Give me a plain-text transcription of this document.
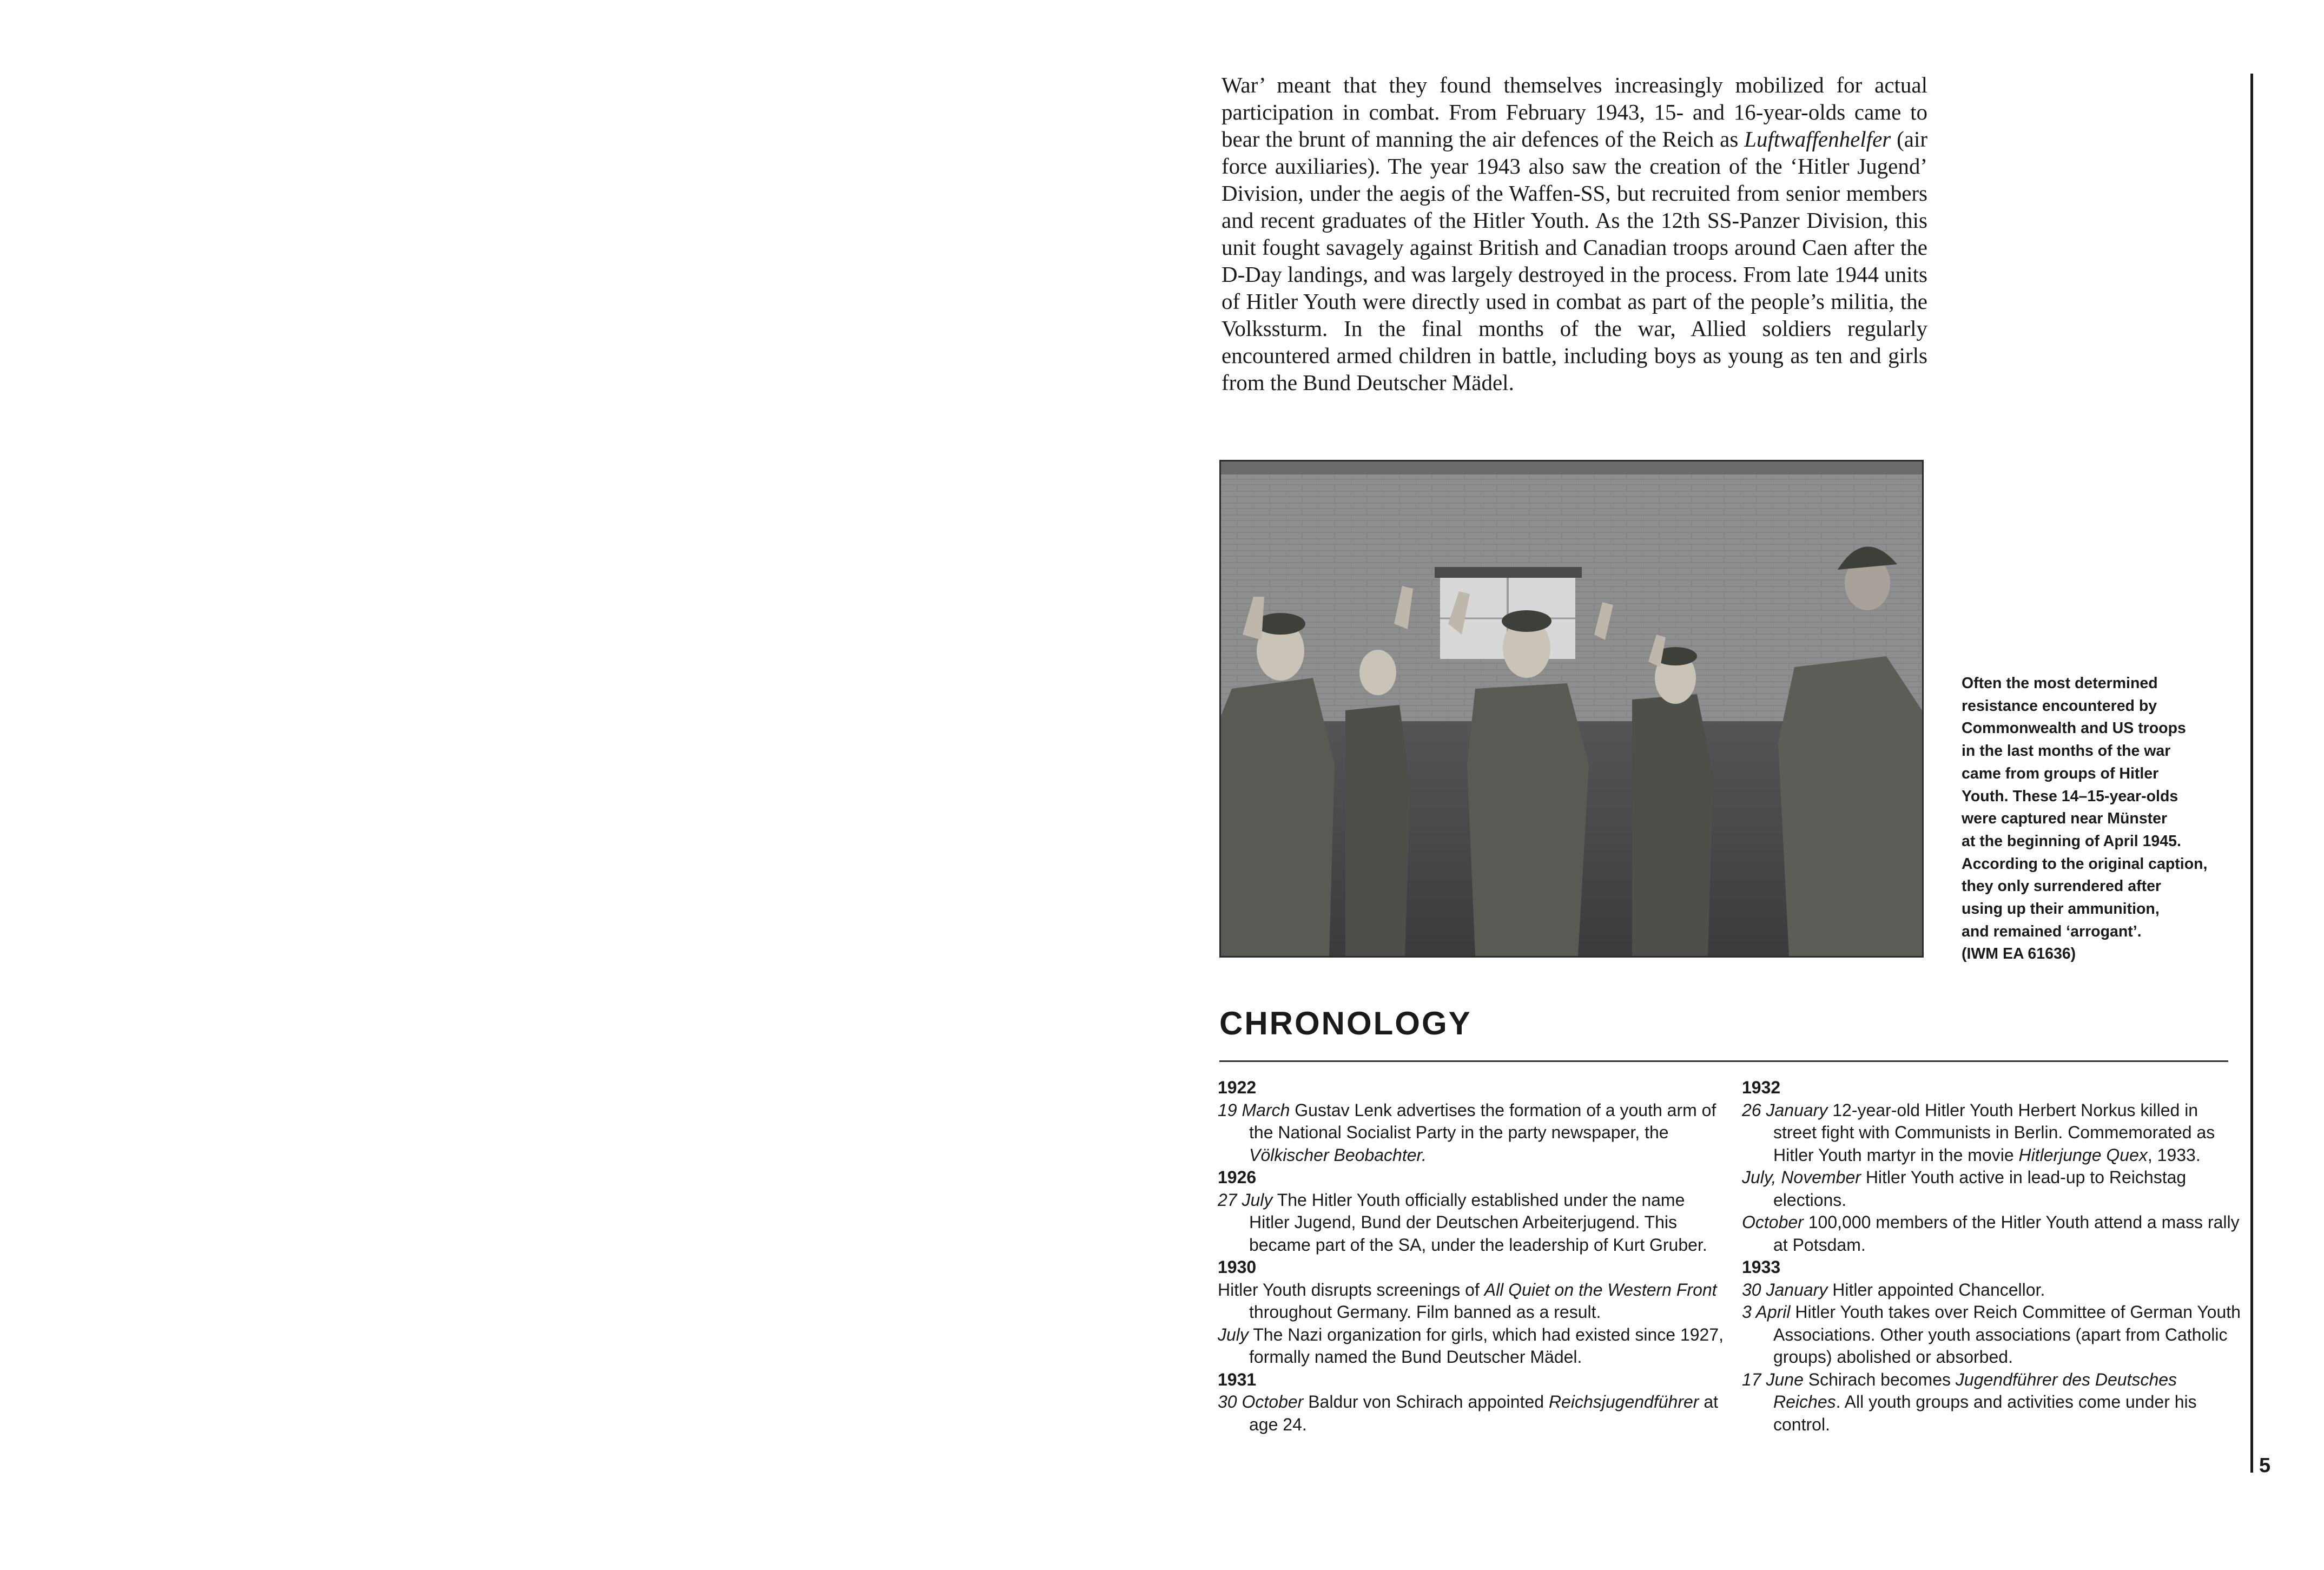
War’ meant that they found themselves increasingly mobilized for actual participation in combat. From February 1943, 15- and 16-year-olds came to bear the brunt of manning the air defences of the Reich as Luftwaffenhelfer (air force auxiliaries). The year 1943 also saw the creation of the ‘Hitler Jugend’ Division, under the aegis of the Waffen-SS, but recruited from senior members and recent graduates of the Hitler Youth. As the 12th SS-Panzer Division, this unit fought savagely against British and Canadian troops around Caen after the D-Day landings, and was largely destroyed in the process. From late 1944 units of Hitler Youth were directly used in combat as part of the people’s militia, the Volkssturm. In the final months of the war, Allied soldiers regularly encountered armed children in battle, including boys as young as ten and girls from the Bund Deutscher Mädel.

Often the most determined
resistance encountered by
Commonwealth and US troops
in the last months of the war
came from groups of Hitler
Youth. These 14–15-year-olds
were captured near Münster
at the beginning of April 1945.
According to the original caption,
they only surrendered after
using up their ammunition,
and remained ‘arrogant’.
(IWM EA 61636)

CHRONOLOGY

1922

19 March Gustav Lenk advertises the formation of a youth arm of the National Socialist Party in the party newspaper, the Völkischer Beobachter.

1926

27 July The Hitler Youth officially established under the name Hitler Jugend, Bund der Deutschen Arbeiterjugend. This became part of the SA, under the leadership of Kurt Gruber.

1930

Hitler Youth disrupts screenings of All Quiet on the Western Front throughout Germany. Film banned as a result.

July The Nazi organization for girls, which had existed since 1927, formally named the Bund Deutscher Mädel.

1931

30 October Baldur von Schirach appointed Reichsjugendführer at age 24.

1932

26 January 12-year-old Hitler Youth Herbert Norkus killed in street fight with Communists in Berlin. Commemorated as Hitler Youth martyr in the movie Hitlerjunge Quex, 1933.

July, November Hitler Youth active in lead-up to Reichstag elections.

October 100,000 members of the Hitler Youth attend a mass rally at Potsdam.

1933

30 January Hitler appointed Chancellor.

3 April Hitler Youth takes over Reich Committee of German Youth Associations. Other youth associations (apart from Catholic groups) abolished or absorbed.

17 June Schirach becomes Jugendführer des Deutsches Reiches. All youth groups and activities come under his control.

5
